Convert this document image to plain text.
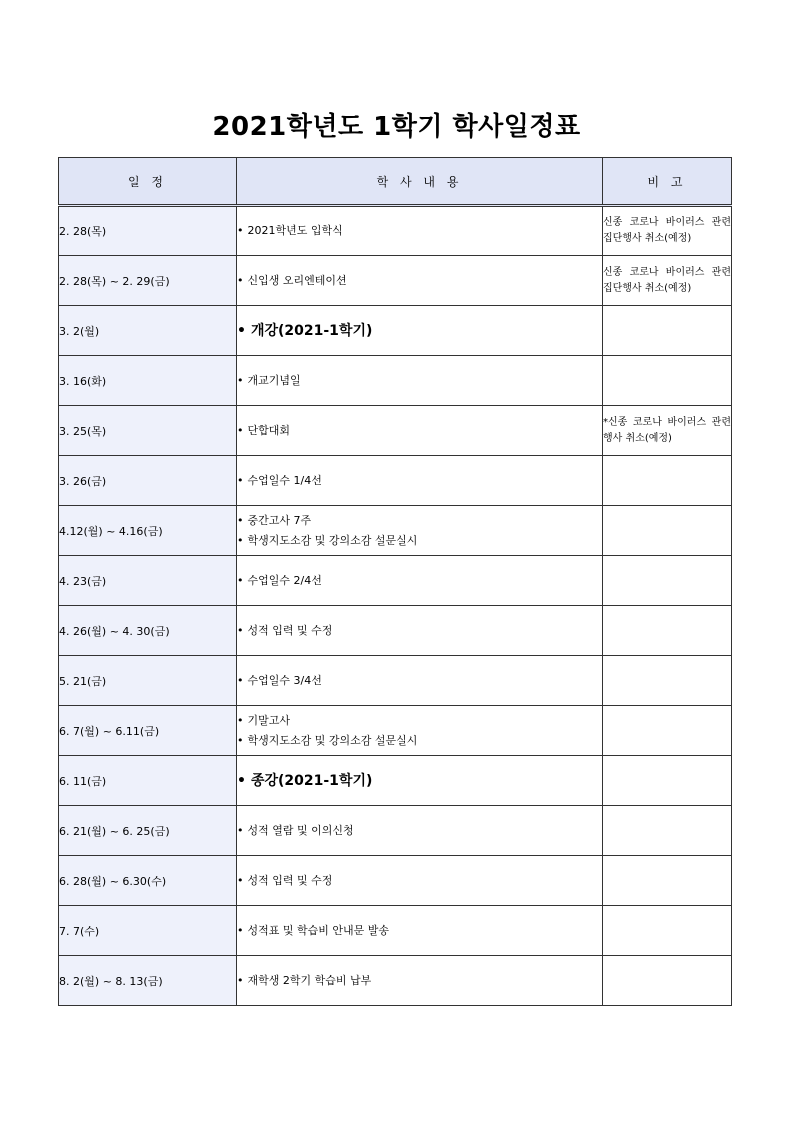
2021학년도 1학기 학사일정표
일 정	학 사 내 용	비 고
2. 28(목)	• 2021학년도 입학식	신종 코로나 바이러스 관련 집단행사 취소(예정)
2. 28(목) ~ 2. 29(금)	• 신입생 오리엔테이션	신종 코로나 바이러스 관련 집단행사 취소(예정)
3. 2(월)	• 개강(2021-1학기)	

3. 16(화)	• 개교기념일	

3. 25(목)	• 단합대회	*신종 코로나 바이러스 관련 행사 취소(예정)
3. 26(금)	• 수업일수 1/4선	

4.12(월) ~ 4.16(금)	• 중간고사 7주
• 학생지도소감 및 강의소감 설문실시	

4. 23(금)	• 수업일수 2/4선	

4. 26(월) ~ 4. 30(금)	• 성적 입력 및 수정	

5. 21(금)	• 수업일수 3/4선	

6. 7(월) ~ 6.11(금)	• 기말고사
• 학생지도소감 및 강의소감 설문실시	

6. 11(금)	• 종강(2021-1학기)	

6. 21(월) ~ 6. 25(금)	• 성적 열람 및 이의신청	

6. 28(월) ~ 6.30(수)	• 성적 입력 및 수정	

7. 7(수)	• 성적표 및 학습비 안내문 발송	

8. 2(월) ~ 8. 13(금)	• 재학생 2학기 학습비 납부	
